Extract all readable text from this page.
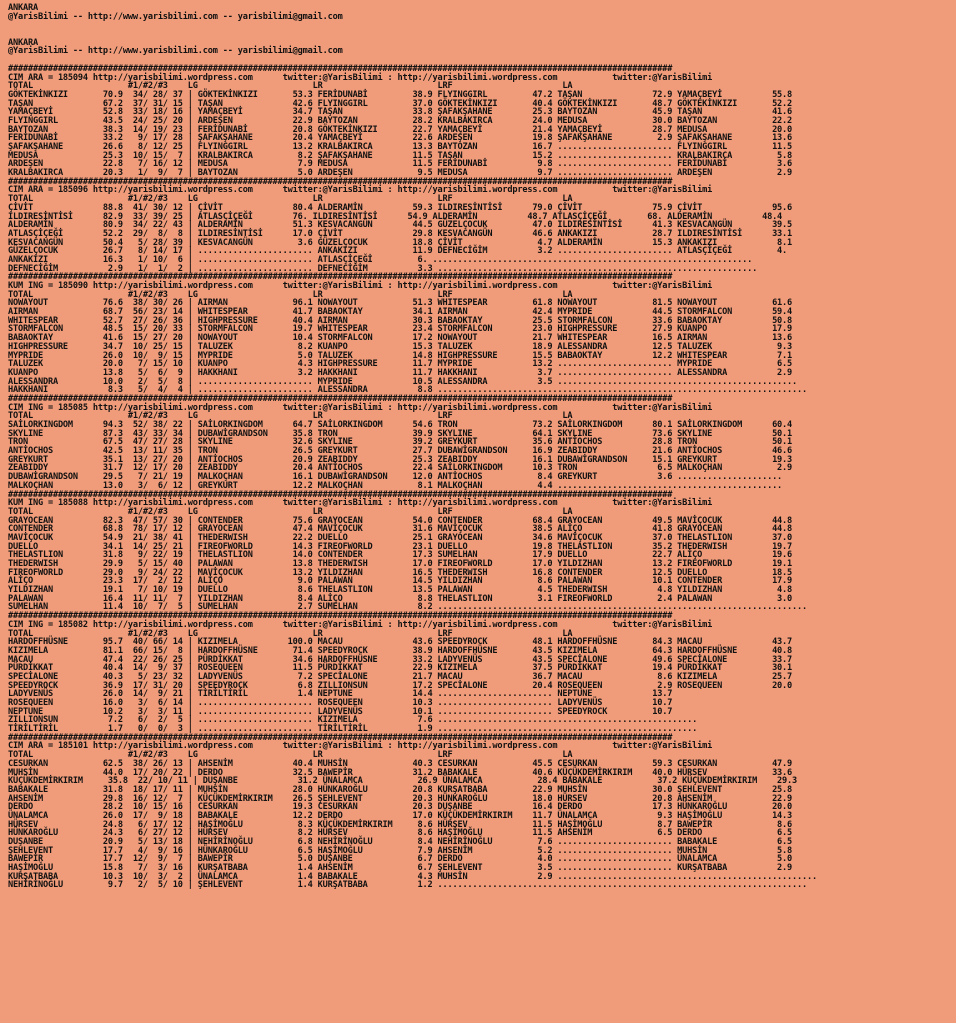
ANKARA
@YarisBilimi -- http://www.yarisbilimi.com -- yarisbilimi@gmail.com

ANKARA
@YarisBilimi -- http://www.yarisbilimi.com -- yarisbilimi@gmail.com

#####################################################################################################################################
CIM ARA = 185094 http://yarisbilimi.wordpress.com      twitter:@YarisBilimi : http://yarisbilimi.wordpress.com           twitter:@YarisBilimi
TOTAL                   #1/#2/#3    LG                       LR                       LRF                      LA
GÖKTEKİNKIZI       70.9  34/ 28/ 37 | GÖKTEKİNKIZI       53.3 FERİDUNABİ         38.9 FLYINGGIRL         47.2 TAŞAN              72.9 YAMAÇBEYİ          55.8
TAŞAN              67.2  37/ 31/ 15 | TAŞAN              42.6 FLYINGGIRL         37.0 GÖKTEKİNKIZI       40.4 GÖKTEKİNKIZI       48.7 GÖKTEKİNKIZI       52.2
YAMAÇBEYİ          52.8  33/ 18/ 16 | YAMAÇBEYİ          34.7 TAŞAN              33.8 ŞAFAKŞAHANE        25.3 BAYTOZAN           45.9 TAŞAN              41.6
FLYINGGIRL         43.5  24/ 25/ 20 | ARDEŞEN            22.9 BAYTOZAN           28.2 KRALBAKIRCA        24.0 MEDUSA             30.0 BAYTOZAN           22.2
BAYTOZAN           38.3  14/ 19/ 23 | FERİDUNABİ         20.8 GÖKTEKİNKIZI       22.7 YAMAÇBEYİ          21.4 YAMAÇBEYİ          28.7 MEDUSA             20.0
FERİDUNABİ         33.2   9/ 17/ 28 | ŞAFAKŞAHANE        20.4 YAMAÇBEYİ          22.6 ARDEŞEN            19.8 ŞAFAKŞAHANE         2.9 ŞAFAKŞAHANE        13.6
ŞAFAKŞAHANE        26.6   8/ 12/ 25 | FLYINGGIRL         13.2 KRALBAKIRCA        13.3 BAYTOZAN           16.7 ....................... FLYINGGIRL         11.5
MEDUSA             25.3  10/ 15/  7 | KRALBAKIRCA         8.2 ŞAFAKŞAHANE        11.5 TAŞAN              15.2 ....................... KRALBAKIRCA         5.8
ARDEŞEN            22.8   7/ 16/ 12 | MEDUSA              7.9 MEDUSA             11.5 FERİDUNABİ          9.8 ....................... FERİDUNABİ          3.6
KRALBAKIRCA        20.3   1/  9/  7 | BAYTOZAN            5.0 ARDEŞEN             9.5 MEDUSA              9.7 ....................... ARDEŞEN             2.9
#####################################################################################################################################
CIM ARA = 185096 http://yarisbilimi.wordpress.com      twitter:@YarisBilimi : http://yarisbilimi.wordpress.com           twitter:@YarisBilimi
TOTAL                   #1/#2/#3    LG                       LR                       LRF                      LA
ÇİVİT              88.8  41/ 30/ 12 | ÇİVİT              80.4 ALDERAMİN          59.3 ILDIRESİNTİSİ      79.0 ÇİVİT              75.9 ÇİVİT              95.6
ILDIRESİNTİSİ      82.9  33/ 39/ 25 | ATLASÇİÇEĞİ        76. ILDIRESİNTİSİ      54.9 ALDERAMİN          48.7 ATLASÇİÇEĞİ        68. ALDERAMİN          48.4
ALDERAMİN          80.9  34/ 22/ 43 | ALDERAMİN          51.3 KESVACANGÜN        44.5 GÜZELÇOCUK         47.0 ILDIRESİNTİSİ      41.3 KESVACANGÜN        39.5
ATLASÇİÇEĞİ        52.2  29/  8/  8 | ILDIRESİNTİSİ      17.0 ÇİVİT              29.8 KESVACANGÜN        46.6 ANKAKIZI           28.7 ILDIRESİNTİSİ      33.1
KESVACANGÜN        50.4   5/ 28/ 39 | KESVACANGÜN         3.6 GÜZELÇOCUK         18.8 ÇİVİT               4.7 ALDERAMİN          15.3 ANKAKIZI            8.1
GÜZELÇOCUK         26.7   8/ 14/ 17 | ....................... ANKAKIZI           11.9 DEFNECİĞİM          3.2 ....................... ATLASÇİÇEĞİ         4.
ANKAKIZI           16.3   1/ 10/  6 | ....................... ATLASÇİÇEĞİ         6. ................................................................
DEFNECİĞİM          2.9   1/  1/  2 | ....................... DEFNECİĞİM          3.3 ................................................................
#####################################################################################################################################
KUM ING = 185090 http://yarisbilimi.wordpress.com      twitter:@YarisBilimi : http://yarisbilimi.wordpress.com           twitter:@YarisBilimi
TOTAL                   #1/#2/#3    LG                       LR                       LRF                      LA
NOWAYOUT           76.6  38/ 30/ 26 | AIRMAN             96.1 NOWAYOUT           51.3 WHITESPEAR         61.8 NOWAYOUT           81.5 NOWAYOUT           61.6
AIRMAN             68.7  56/ 23/ 14 | WHITESPEAR         41.7 BABAOKTAY          34.1 AIRMAN             42.4 MYPRIDE            44.5 STORMFALCON        59.4
WHITESPEAR         52.7  27/ 26/ 36 | HIGHPRESSURE       40.4 AIRMAN             30.3 BABAOKTAY          25.5 STORMFALCON        33.6 BABAOKTAY          50.8
STORMFALCON        48.5  15/ 20/ 33 | STORMFALCON        19.7 WHITESPEAR         23.4 STORMFALCON        23.0 HIGHPRESSURE       27.9 KUANPO             17.9
BABAOKTAY          41.6  15/ 27/ 20 | NOWAYOUT           10.4 STORMFALCON        17.2 NOWAYOUT           21.7 WHITESPEAR         16.5 AIRMAN             13.6
HIGHPRESSURE       34.7  10/ 25/ 15 | TALUZEK             8.2 KUANPO             15.3 TALUZEK            18.9 ALESSANDRA         12.5 TALUZEK             9.3
MYPRIDE            26.0  10/  9/ 15 | MYPRIDE             5.0 TALUZEK            14.8 HIGHPRESSURE       15.5 BABAOKTAY          12.2 WHITESPEAR          7.1
TALUZEK            20.0   7/ 15/ 10 | KUANPO              4.3 HIGHPRESSURE       11.7 MYPRIDE            13.2 ....................... MYPRIDE             6.5
KUANPO             13.8   5/  6/  9 | HAKKHANI            3.2 HAKKHANI           11.7 HAKKHANI            3.7 ....................... ALESSANDRA          2.9
ALESSANDRA         10.0   2/  5/  8 | ....................... MYPRIDE            10.5 ALESSANDRA          3.5 ................................................
HAKKHANI            8.3   5/  4/  4 | ....................... ALESSANDRA          8.8 ..........................................................................
#####################################################################################################################################
CIM ING = 185085 http://yarisbilimi.wordpress.com      twitter:@YarisBilimi : http://yarisbilimi.wordpress.com           twitter:@YarisBilimi
TOTAL                   #1/#2/#3    LG                       LR                       LRF                      LA
SAİLORKINGDOM      94.3  52/ 38/ 22 | SAİLORKINGDOM      64.7 SAİLORKINGDOM      54.6 TRON               73.2 SAİLORKINGDOM      80.1 SAİLORKINGDOM      60.4
SKYLINE            87.3  43/ 33/ 34 | DUBAWİGRANDSON     35.8 TRON               39.9 SKYLINE            64.1 SKYLINE            73.6 SKYLINE            50.1
TRON               67.5  47/ 27/ 28 | SKYLINE            32.6 SKYLINE            39.2 GREYKURT           35.6 ANTİOCHOS          28.8 TRON               50.1
ANTİOCHOS          42.5  13/ 11/ 35 | TRON               26.5 GREYKURT           27.7 DUBAWİGRANDSON     16.9 ZEABIDDY           21.6 ANTİOCHOS          46.6
GREYKURT           35.1  13/ 27/ 20 | ANTİOCHOS          20.9 ZEABIDDY           25.3 ZEABIDDY           16.1 DUBAWİGRANDSON     15.1 GREYKURT           19.3
ZEABIDDY           31.7  12/ 17/ 20 | ZEABIDDY           20.4 ANTİOCHOS          22.4 SAİLORKINGDOM      10.3 TRON                6.5 MALKOÇHAN           2.9
DUBAWİGRANDSON     29.5   7/ 21/ 19 | MALKOÇHAN          16.1 DUBAWİGRANDSON     12.0 ANTİOCHOS           8.4 GREYKURT            3.6 .....................
MALKOÇHAN          13.0   3/  6/ 12 | GREYKURT           12.2 MALKOÇHAN           8.1 MALKOÇHAN           4.4 .............................................
#####################################################################################################################################
KUM ING = 185088 http://yarisbilimi.wordpress.com      twitter:@YarisBilimi : http://yarisbilimi.wordpress.com           twitter:@YarisBilimi
TOTAL                   #1/#2/#3    LG                       LR                       LRF                      LA
GRAYOCEAN          82.3  47/ 57/ 30 | CONTENDER          75.6 GRAYOCEAN          54.0 CONTENDER          68.4 GRAYOCEAN          49.5 MAVİÇOCUK          44.8
CONTENDER          68.8  78/ 17/ 12 | GRAYOCEAN          47.4 MAVİÇOCUK          31.6 MAVİÇOCUK          38.5 ALİÇO              41.8 GRAYOCEAN          44.8
MAVİÇOCUK          54.9  21/ 38/ 41 | THEDERWISH         22.2 DUELLO             25.1 GRAYOCEAN          34.6 MAVİÇOCUK          37.0 THELASTLION        37.0
DUELLO             34.1  14/ 25/ 21 | FIREOFWORLD        14.3 FIREOFWORLD        23.1 DUELLO             19.8 THELASTLION        35.2 THEDERWISH         19.7
THELASTLION        31.8   9/ 22/ 19 | THELASTLION        14.0 CONTENDER          17.3 SUMELHAN           17.9 DUELLO             22.7 ALİÇO              19.6
THEDERWISH         29.9   5/ 15/ 40 | PALAWAN            13.8 THEDERWISH         17.0 FIREOFWORLD        17.0 YILDIZHAN          13.2 FIREOFWORLD        19.1
FIREOFWORLD        29.0   9/ 24/ 22 | MAVİÇOCUK          13.2 YILDIZHAN          16.5 THEDERWISH         16.8 CONTENDER          12.5 DUELLO             18.5
ALİÇO              23.3  17/  2/ 12 | ALİÇO               9.0 PALAWAN            14.5 YILDIZHAN           8.6 PALAWAN            10.1 CONTENDER          17.9
YILDIZHAN          19.1   7/ 10/ 19 | DUELLO              8.6 THELASTLION        13.5 PALAWAN             4.5 THEDERWISH          4.8 YILDIZHAN           4.8
PALAWAN            16.4  11/ 11/  7 | YILDIZHAN           8.4 ALİÇO               8.8 THELASTLION         3.1 FIREOFWORLD         2.4 PALAWAN             3.0
SUMELHAN           11.4  10/  7/  5 | SUMELHAN            2.7 SUMELHAN            8.2 ..........................................................................
#####################################################################################################################################
CIM ING = 185082 http://yarisbilimi.wordpress.com      twitter:@YarisBilimi : http://yarisbilimi.wordpress.com           twitter:@YarisBilimi
TOTAL                   #1/#2/#3    LG                       LR                       LRF                      LA
HARDOFFHÜSNE       95.7  40/ 66/ 14 | KIZIMELA          100.0 MACAU              43.6 SPEEDYROCK         48.1 HARDOFFHÜSNE       84.3 MACAU              43.7
KIZIMELA           81.1  66/ 15/  8 | HARDOFFHÜSNE       71.4 SPEEDYROCK         38.9 HARDOFFHÜSNE       43.5 KIZIMELA           64.3 HARDOFFHÜSNE       40.8
MACAU              47.4  22/ 26/ 25 | PÜRDİKKAT          34.6 HARDOFFHÜSNE       33.2 LADYVENÜS          43.5 SPECİALONE         49.6 SPECİALONE         33.7
PÜRDİKKAT          40.4  14/  9/ 37 | ROSEQUEEN          11.5 PÜRDİKKAT          22.9 KIZIMELA           37.5 PÜRDİKKAT          19.4 PÜRDİKKAT          30.1
SPECİALONE         40.3   5/ 23/ 32 | LADYVENÜS           7.2 SPECİALONE         21.7 MACAU              36.7 MACAU               8.6 KIZIMELA           25.7
SPEEDYROCK         36.9  17/ 31/ 20 | SPEEDYROCK          6.8 ZILLIONSUN         17.2 SPECİALONE         20.4 ROSEQUEEN           2.9 ROSEQUEEN          20.0
LADYVENÜS          26.0  14/  9/ 21 | TİRİLTİRİL          1.4 NEPTUNE            14.4 ....................... NEPTUNE            13.7
ROSEQUEEN          16.0   3/  6/ 14 | ....................... ROSEQUEEN          10.3 ....................... LADYVENÜS          10.7
NEPTUNE            10.2   3/  3/ 11 | ....................... LADYVENÜS          10.1 ....................... SPEEDYROCK         10.7
ZILLIONSUN          7.2   6/  2/  5 | ....................... KIZIMELA            7.6 ....................................................
TİRİLTİRİL          1.7   0/  0/  3 | ....................... TİRİLTİRİL          1.9 ....................................................
#####################################################################################################################################
CIM ARA = 185101 http://yarisbilimi.wordpress.com      twitter:@YarisBilimi : http://yarisbilimi.wordpress.com           twitter:@YarisBilimi
TOTAL                   #1/#2/#3    LG                       LR                       LRF                      LA
CESURKAN           62.5  38/ 26/ 13 | AHSENİM            40.4 MUHSİN             40.3 CESURKAN           45.5 CESURKAN           59.3 CESURKAN           47.9
MUHSİN             44.0  17/ 20/ 22 | DERDO              32.5 BAWEPİR            31.2 BABAKALE           40.6 KÜÇÜKDEMİRKIRIM    40.0 HÜRSEV             33.6
KÜÇÜKDEMİRKIRIM     35.8  22/ 10/ 11 | DUŞANBE            31.2 ÜNALAMCA           26.9 ÜNALAMCA           28.4 BABAKALE           37.2 KÜÇÜKDEMİRKIRIM    29.3
BABAKALE           31.8  18/ 17/ 11 | MUHSİN             28.0 HÜNKAROĞLU         20.8 KURŞATBABA         22.9 MUHSİN             30.0 ŞEHLEVENT          25.8
AHSENİM            29.8  16/ 12/  7 | KÜÇÜKDEMİRKIRIM    26.5 ŞEHLEVENT          20.3 HÜNKAROĞLU         18.0 HÜRSEV             20.8 AHSENİM            22.9
DERDO              28.2  10/ 15/ 16 | CESURKAN           19.3 CESURKAN           20.3 DUŞANBE            16.4 DERDO              17.3 HÜNKAROĞLU         20.0
ÜNALAMCA           26.0  17/  9/ 18 | BABAKALE           12.2 DERDO              17.0 KÜÇÜKDEMİRKIRIM    11.7 ÜNALAMCA            9.3 HAŞİMOĞLU          14.3
HÜRSEV             24.8   6/ 17/ 12 | HAŞİMOĞLU           8.3 KÜÇÜKDEMİRKIRIM     8.6 HÜRSEV             11.5 HAŞİMOĞLU           8.7 BAWEPİR             8.6
HÜNKAROĞLU         24.3   6/ 27/ 12 | HÜRSEV              8.2 HÜRSEV              8.6 HAŞİMOĞLU          11.5 AHSENİM             6.5 DERDO               6.5
DUŞANBE            20.9   5/ 13/ 18 | NEHİRİNOĞLU         6.8 NEHİRİNOĞLU         8.4 NEHİRİNOĞLU         7.6 ....................... BABAKALE            6.5
ŞEHLEVENT          17.7   4/  9/ 16 | HÜNKAROĞLU          6.5 HAŞİMOĞLU           7.9 AHSENİM             5.2 ....................... MUHSİN              5.8
BAWEPİR            17.7  12/  9/  7 | BAWEPİR             5.0 DUŞANBE             6.7 DERDO               4.0 ....................... ÜNALAMCA            5.0
HAŞİMOĞLU          15.8   7/  3/ 16 | KURŞATBABA          1.4 AHSENİM             6.7 ŞEHLEVENT           3.5 ....................... KURŞATBABA          2.9
KURŞATBABA         10.3  10/  3/  2 | ÜNALAMCA            1.4 BABAKALE            4.3 MUHSİN              2.9 ....................................................
NEHİRİNOĞLU         9.7   2/  5/ 10 | ŞEHLEVENT           1.4 KURŞATBABA          1.2 ..........................................................................
